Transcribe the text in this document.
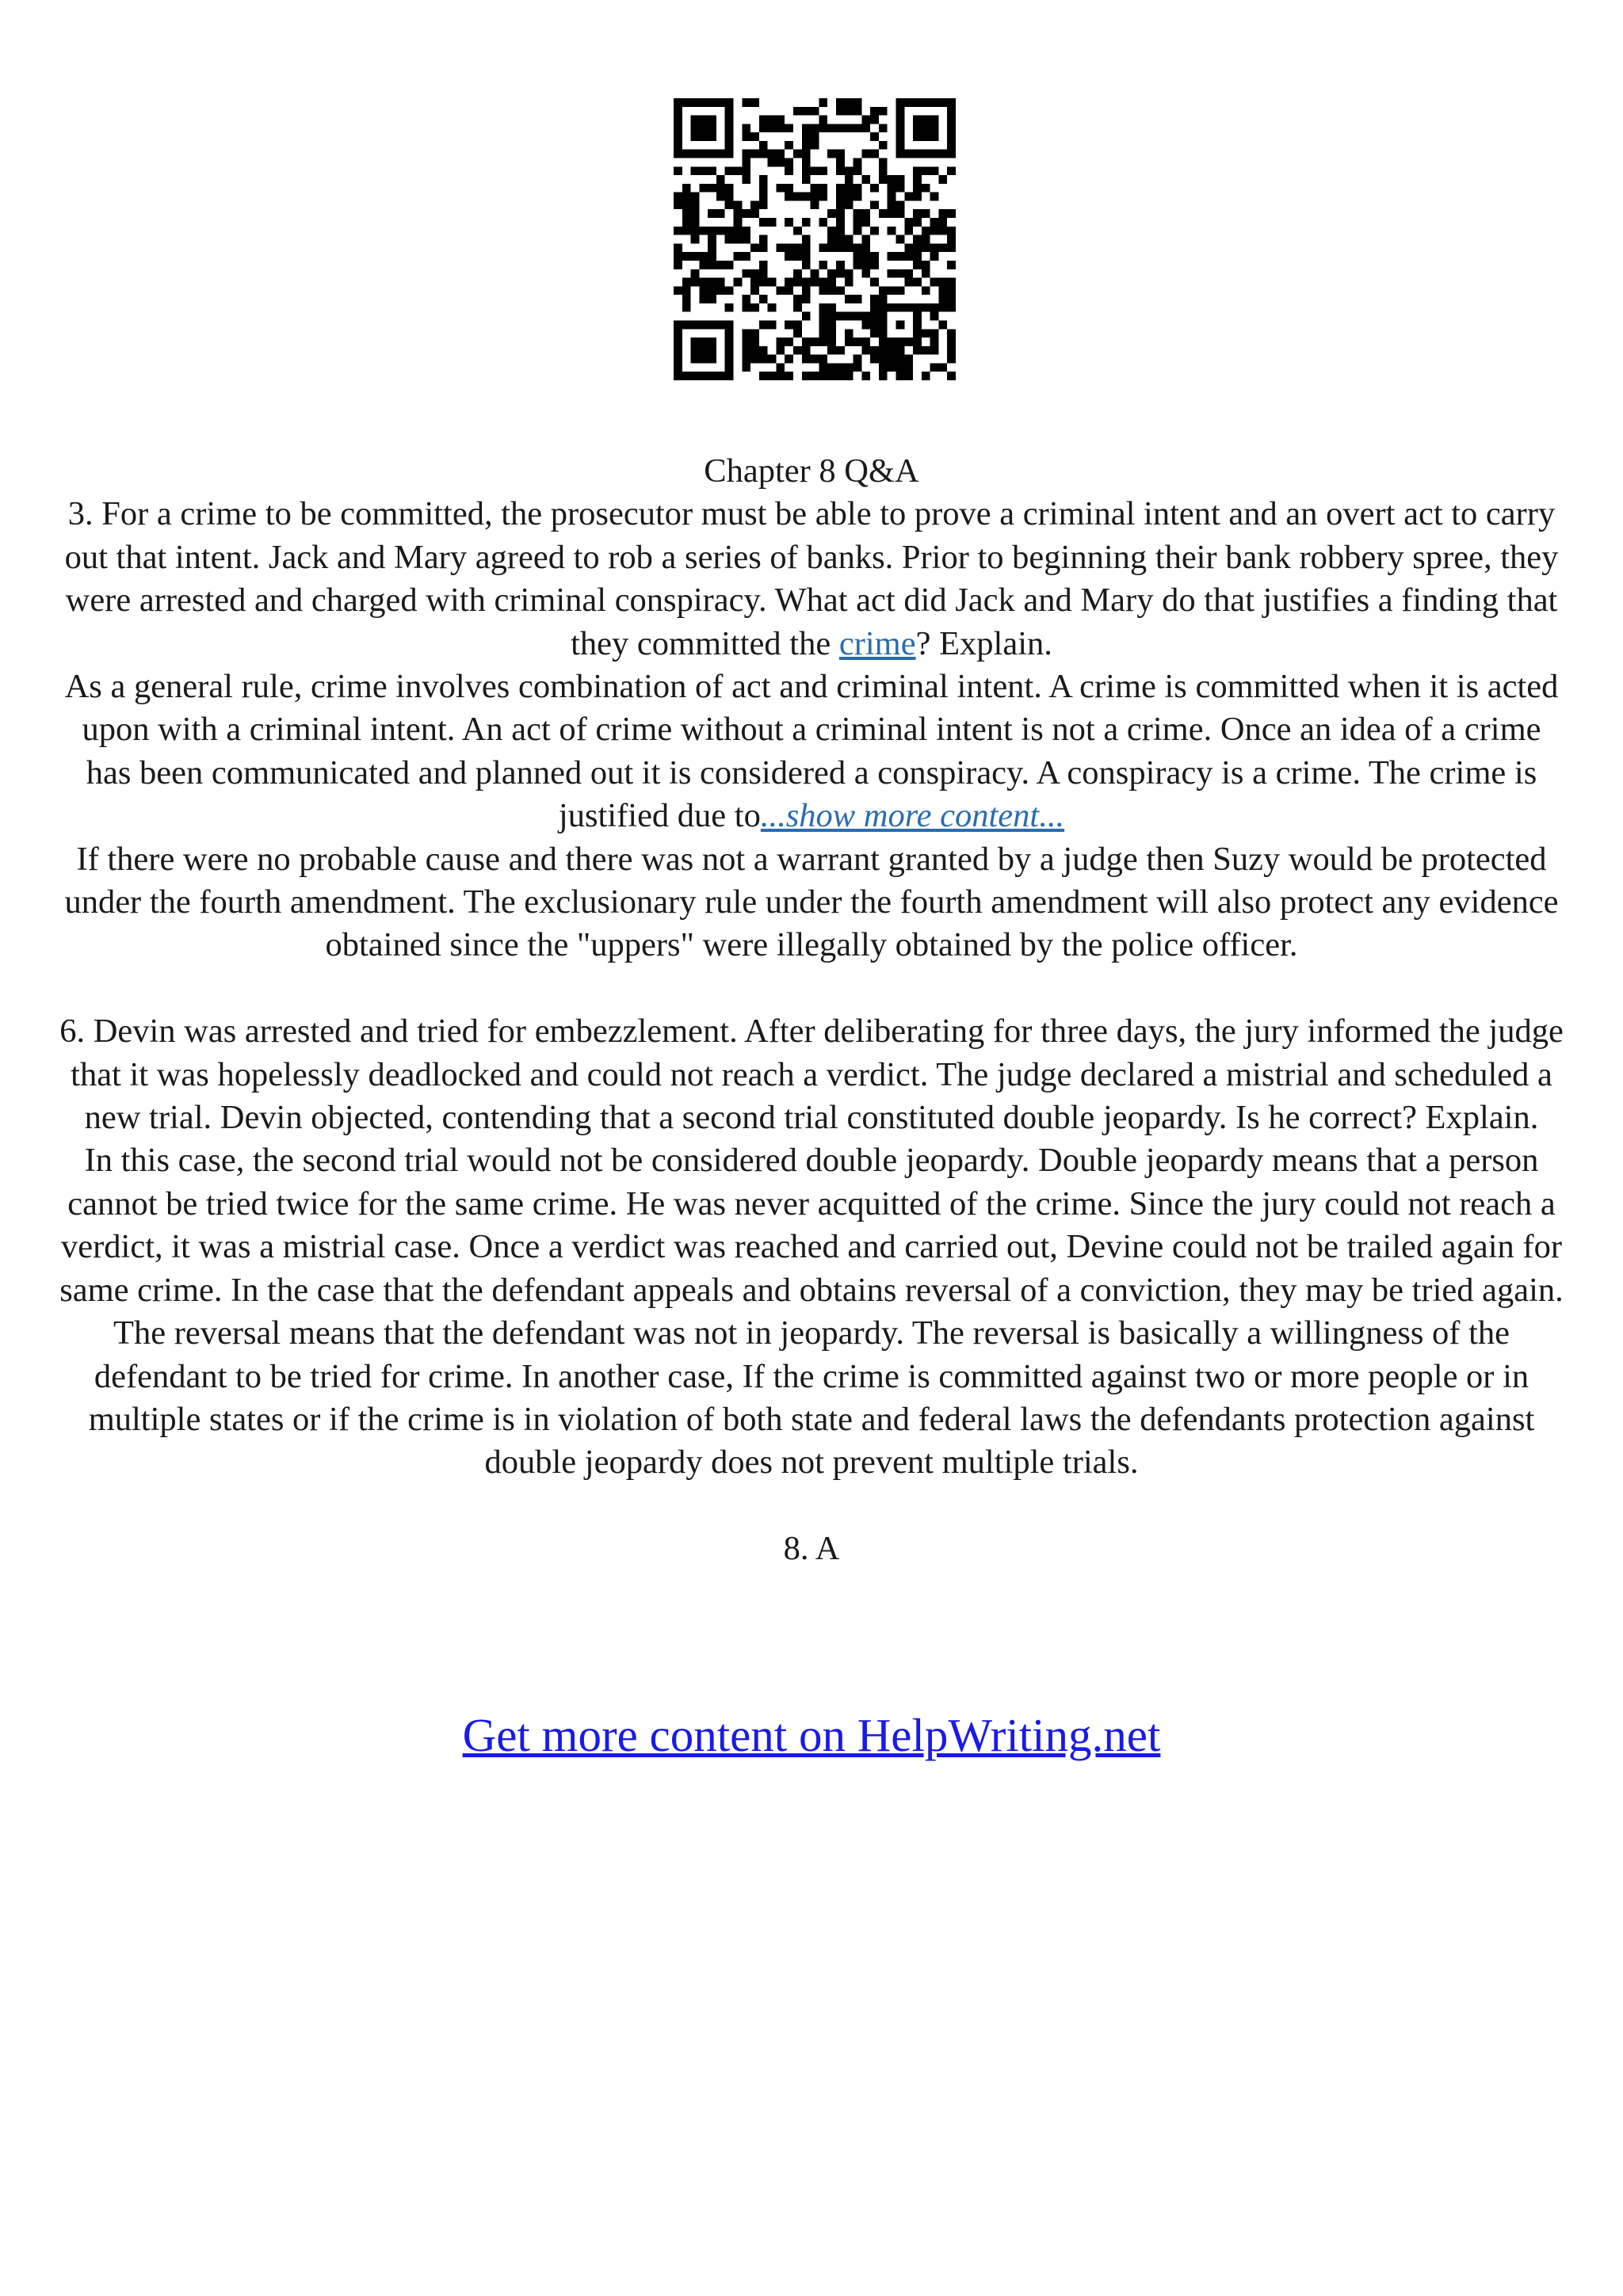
Chapter 8 Q&A

3. For a crime to be committed, the prosecutor must be able to prove a criminal intent and an overt act to carry out that intent. Jack and Mary agreed to rob a series of banks. Prior to beginning their bank robbery spree, they were arrested and charged with criminal conspiracy. What act did Jack and Mary do that justifies a finding that they committed the crime? Explain.

As a general rule, crime involves combination of act and criminal intent. A crime is committed when it is acted upon with a criminal intent. An act of crime without a criminal intent is not a crime. Once an idea of a crime has been communicated and planned out it is considered a conspiracy. A conspiracy is a crime. The crime is justified due to...show more content...

If there were no probable cause and there was not a warrant granted by a judge then Suzy would be protected under the fourth amendment. The exclusionary rule under the fourth amendment will also protect any evidence obtained since the "uppers" were illegally obtained by the police officer.

6. Devin was arrested and tried for embezzlement. After deliberating for three days, the jury informed the judge that it was hopelessly deadlocked and could not reach a verdict. The judge declared a mistrial and scheduled a new trial. Devin objected, contending that a second trial constituted double jeopardy. Is he correct? Explain.

In this case, the second trial would not be considered double jeopardy. Double jeopardy means that a person cannot be tried twice for the same crime. He was never acquitted of the crime. Since the jury could not reach a verdict, it was a mistrial case. Once a verdict was reached and carried out, Devine could not be trailed again for same crime. In the case that the defendant appeals and obtains reversal of a conviction, they may be tried again. The reversal means that the defendant was not in jeopardy. The reversal is basically a willingness of the defendant to be tried for crime. In another case, If the crime is committed against two or more people or in multiple states or if the crime is in violation of both state and federal laws the defendants protection against double jeopardy does not prevent multiple trials.

8. A

Get more content on HelpWriting.net
